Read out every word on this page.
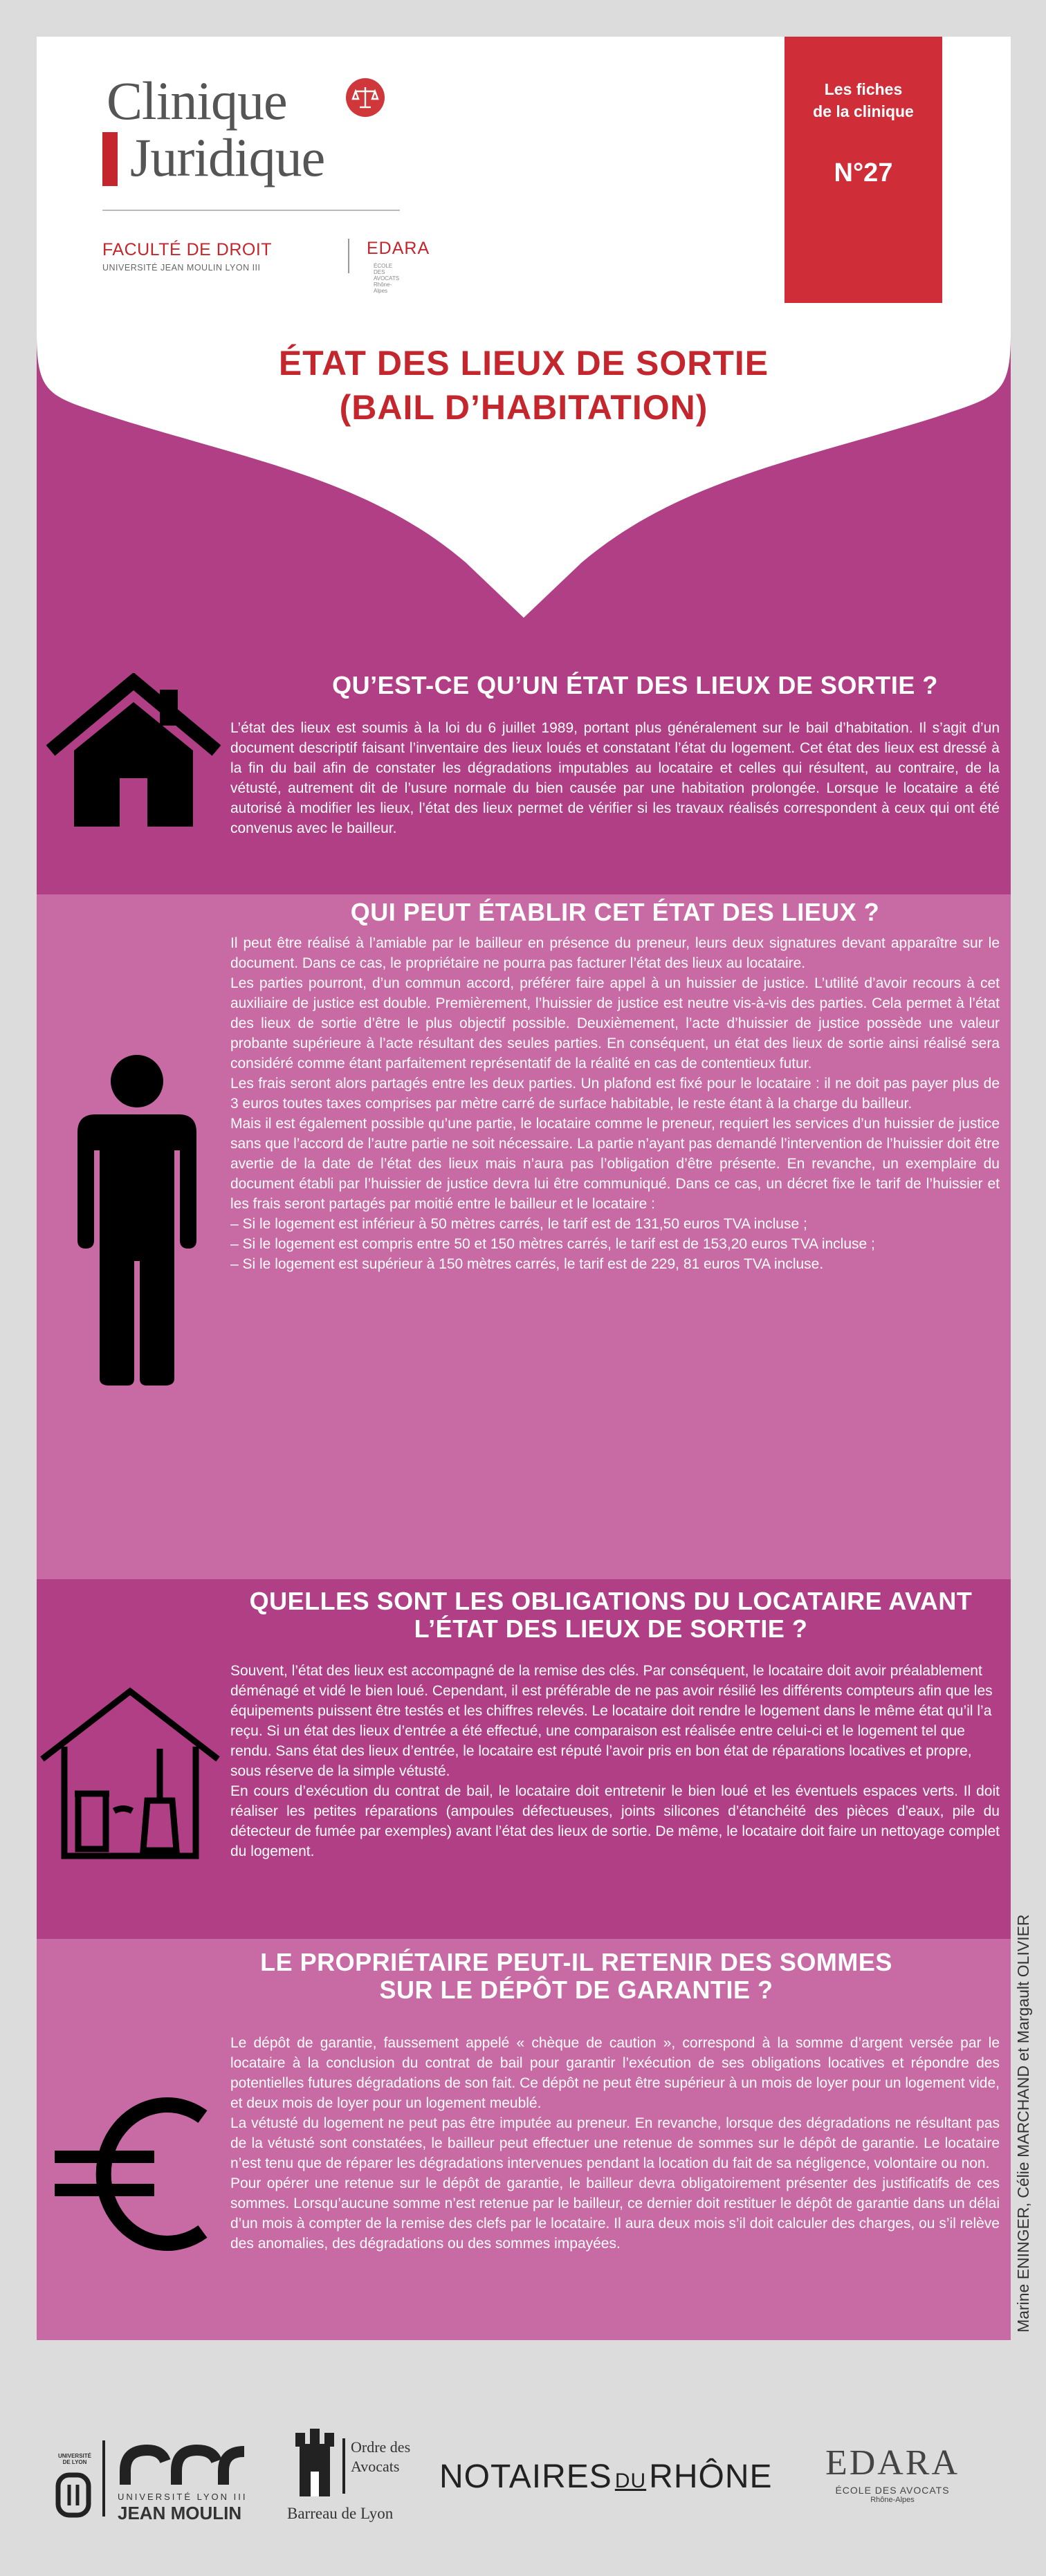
Clinique
Juridique
FACULTÉ DE DROIT
UNIVERSITÉ JEAN MOULIN LYON III
EDARA
ÉCOLE DES AVOCATS Rhône-Alpes
Les fiches
de la clinique
N°27
ÉTAT DES LIEUX DE SORTIE
(BAIL D’HABITATION)
QU’EST-CE QU’UN ÉTAT DES LIEUX DE SORTIE ?
L’état des lieux est soumis à la loi du 6 juillet 1989, portant plus généralement sur le bail d’habitation. Il s’agit d’un document descriptif faisant l’inventaire des lieux loués et constatant l’état du logement. Cet état des lieux est dressé à la fin du bail afin de constater les dégradations imputables au locataire et celles qui résultent, au contraire, de la vétusté, autrement dit de l’usure normale du bien causée par une habitation prolongée. Lorsque le locataire a été autorisé à modifier les lieux, l’état des lieux permet de vérifier si les travaux réalisés correspondent à ceux qui ont été convenus avec le bailleur.
QUI PEUT ÉTABLIR CET ÉTAT DES LIEUX ?
Il peut être réalisé à l’amiable par le bailleur en présence du preneur, leurs deux signatures devant apparaître sur le document. Dans ce cas, le propriétaire ne pourra pas facturer l’état des lieux au locataire.
Les parties pourront, d’un commun accord, préférer faire appel à un huissier de justice. L’utilité d’avoir recours à cet auxiliaire de justice est double. Premièrement, l’huissier de justice est neutre vis-à-vis des parties. Cela permet à l’état des lieux de sortie d’être le plus objectif possible. Deuxièmement, l’acte d’huissier de justice possède une valeur probante supérieure à l’acte résultant des seules parties. En conséquent, un état des lieux de sortie ainsi réalisé sera considéré comme étant parfaitement représentatif de la réalité en cas de contentieux futur.
Les frais seront alors partagés entre les deux parties. Un plafond est fixé pour le locataire : il ne doit pas payer plus de 3 euros toutes taxes comprises par mètre carré de surface habitable, le reste étant à la charge du bailleur.
Mais il est également possible qu’une partie, le locataire comme le preneur, requiert les services d’un huissier de justice sans que l’accord de l’autre partie ne soit nécessaire. La partie n’ayant pas demandé l’intervention de l’huissier doit être avertie de la date de l’état des lieux mais n’aura pas l’obligation d’être présente. En revanche, un exemplaire du document établi par l’huissier de justice devra lui être communiqué. Dans ce cas, un décret fixe le tarif de l’huissier et les frais seront partagés par moitié entre le bailleur et le locataire :
– Si le logement est inférieur à 50 mètres carrés, le tarif est de 131,50 euros TVA incluse ;
– Si le logement est compris entre 50 et 150 mètres carrés, le tarif est de 153,20 euros TVA incluse ;
– Si le logement est supérieur à 150 mètres carrés, le tarif est de 229, 81 euros TVA incluse.
QUELLES SONT LES OBLIGATIONS DU LOCATAIRE AVANT L’ÉTAT DES LIEUX DE SORTIE ?
Souvent, l’état des lieux est accompagné de la remise des clés. Par conséquent, le locataire doit avoir préalablement déménagé et vidé le bien loué. Cependant, il est préférable de ne pas avoir résilié les différents compteurs afin que les équipements puissent être testés et les chiffres relevés. Le locataire doit rendre le logement dans le même état qu’il l’a reçu. Si un état des lieux d’entrée a été effectué, une comparaison est réalisée entre celui-ci et le logement tel que rendu. Sans état des lieux d’entrée, le locataire est réputé l’avoir pris en bon état de réparations locatives et propre, sous réserve de la simple vétusté.
En cours d’exécution du contrat de bail, le locataire doit entretenir le bien loué et les éventuels espaces verts. Il doit réaliser les petites réparations (ampoules défectueuses, joints silicones d’étanchéité des pièces d’eaux, pile du détecteur de fumée par exemples) avant l’état des lieux de sortie. De même, le locataire doit faire un nettoyage complet du logement.
LE PROPRIÉTAIRE PEUT-IL RETENIR DES SOMMES SUR LE DÉPÔT DE GARANTIE ?
Le dépôt de garantie, faussement appelé « chèque de caution », correspond à la somme d’argent versée par le locataire à la conclusion du contrat de bail pour garantir l’exécution de ses obligations locatives et répondre des potentielles futures dégradations de son fait. Ce dépôt ne peut être supérieur à un mois de loyer pour un logement vide, et deux mois de loyer pour un logement meublé.
La vétusté du logement ne peut pas être imputée au preneur. En revanche, lorsque des dégradations ne résultant pas de la vétusté sont constatées, le bailleur peut effectuer une retenue de sommes sur le dépôt de garantie. Le locataire n’est tenu que de réparer les dégradations intervenues pendant la location du fait de sa négligence, volontaire ou non.
Pour opérer une retenue sur le dépôt de garantie, le bailleur devra obligatoirement présenter des justificatifs de ces sommes. Lorsqu’aucune somme n’est retenue par le bailleur, ce dernier doit restituer le dépôt de garantie dans un délai d’un mois à compter de la remise des clefs par le locataire. Il aura deux mois s’il doit calculer des charges, ou s’il relève des anomalies, des dégradations ou des sommes impayées.	Marine ENINGER, Célie MARCHAND et Margault OLIVIER
UNIVERSITÉ DE LYON
UNIVERSITÉ LYON III
JEAN MOULIN
Ordre des
Avocats
Barreau de Lyon
NOTAIRES DURHÔNE	EDARA
ÉCOLE DES AVOCATS
Rhône-Alpes
